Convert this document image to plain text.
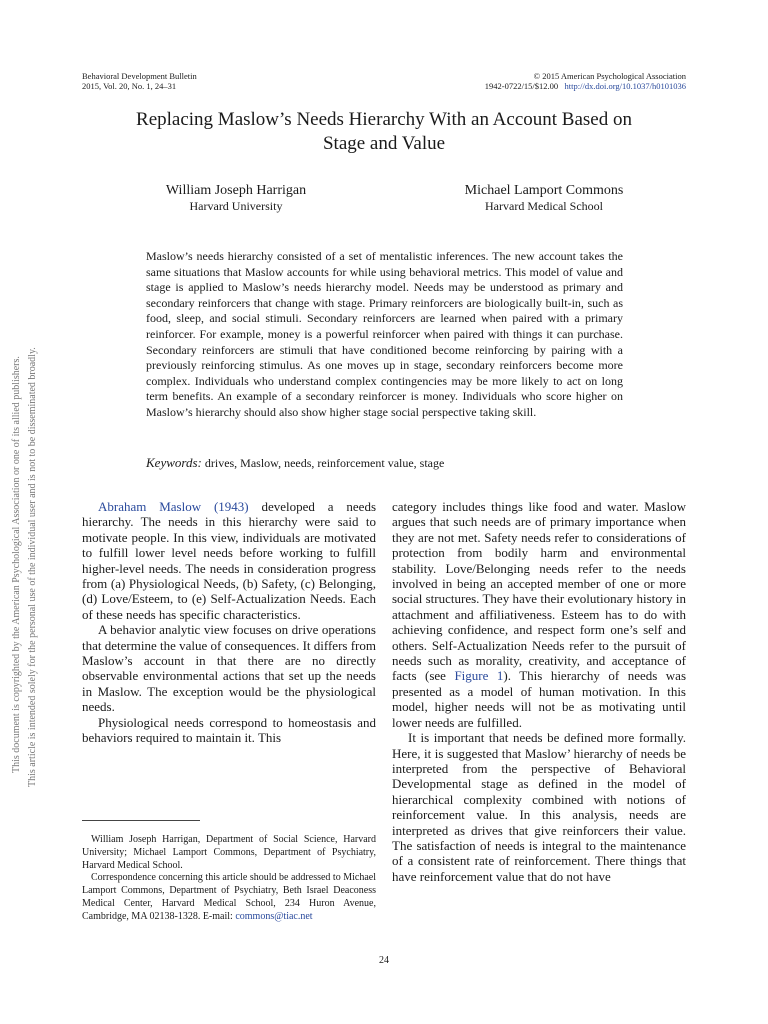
Behavioral Development Bulletin
2015, Vol. 20, No. 1, 24–31
© 2015 American Psychological Association
1942-0722/15/$12.00 http://dx.doi.org/10.1037/h0101036
Replacing Maslow’s Needs Hierarchy With an Account Based on
Stage and Value
William Joseph Harrigan
Harvard University
Michael Lamport Commons
Harvard Medical School
Maslow’s needs hierarchy consisted of a set of mentalistic inferences. The new account takes the same situations that Maslow accounts for while using behavioral metrics. This model of value and stage is applied to Maslow’s needs hierarchy model. Needs may be understood as primary and secondary reinforcers that change with stage. Primary reinforcers are biologically built-in, such as food, sleep, and social stimuli. Secondary reinforcers are learned when paired with a primary reinforcer. For example, money is a powerful reinforcer when paired with things it can purchase. Secondary reinforcers are stimuli that have conditioned become reinforcing by pairing with a previously reinforcing stimulus. As one moves up in stage, secondary reinforcers become more complex. Individuals who understand complex contingencies may be more likely to act on long term benefits. An example of a secondary reinforcer is money. Individuals who score higher on Maslow’s hierarchy should also show higher stage social perspective taking skill.
Keywords: drives, Maslow, needs, reinforcement value, stage

Abraham Maslow (1943) developed a needs hierarchy. The needs in this hierarchy were said to motivate people. In this view, individuals are motivated to fulfill lower level needs before working to fulfill higher-level needs. The needs in consideration progress from (a) Physiological Needs, (b) Safety, (c) Belonging, (d) Love/Esteem, to (e) Self-Actualization Needs. Each of these needs has specific characteristics.

A behavior analytic view focuses on drive operations that determine the value of consequences. It differs from Maslow’s account in that there are no directly observable environmental actions that set up the needs in Maslow. The exception would be the physiological needs.

Physiological needs correspond to homeostasis and behaviors required to maintain it. This

category includes things like food and water. Maslow argues that such needs are of primary importance when they are not met. Safety needs refer to considerations of protection from bodily harm and environmental stability. Love/Belonging needs refer to the needs involved in being an accepted member of one or more social structures. They have their evolutionary history in attachment and affiliativeness. Esteem has to do with achieving confidence, and respect form one’s self and others. Self-Actualization Needs refer to the pursuit of needs such as morality, creativity, and acceptance of facts (see Figure 1). This hierarchy of needs was presented as a model of human motivation. In this model, higher needs will not be as motivating until lower needs are fulfilled.

It is important that needs be defined more formally. Here, it is suggested that Maslow’ hierarchy of needs be interpreted from the perspective of Behavioral Developmental stage as defined in the model of hierarchical complexity combined with notions of reinforcement value. In this analysis, needs are interpreted as drives that give reinforcers their value. The satisfaction of needs is integral to the maintenance of a consistent rate of reinforcement. There things that have reinforcement value that do not have

William Joseph Harrigan, Department of Social Science, Harvard University; Michael Lamport Commons, Department of Psychiatry, Harvard Medical School.

Correspondence concerning this article should be addressed to Michael Lamport Commons, Department of Psychiatry, Beth Israel Deaconess Medical Center, Harvard Medical School, 234 Huron Avenue, Cambridge, MA 02138-1328. E-mail: commons@tiac.net

24
This document is copyrighted by the American Psychological Association or one of its allied publishers. This article is intended solely for the personal use of the individual user and is not to be disseminated broadly.
